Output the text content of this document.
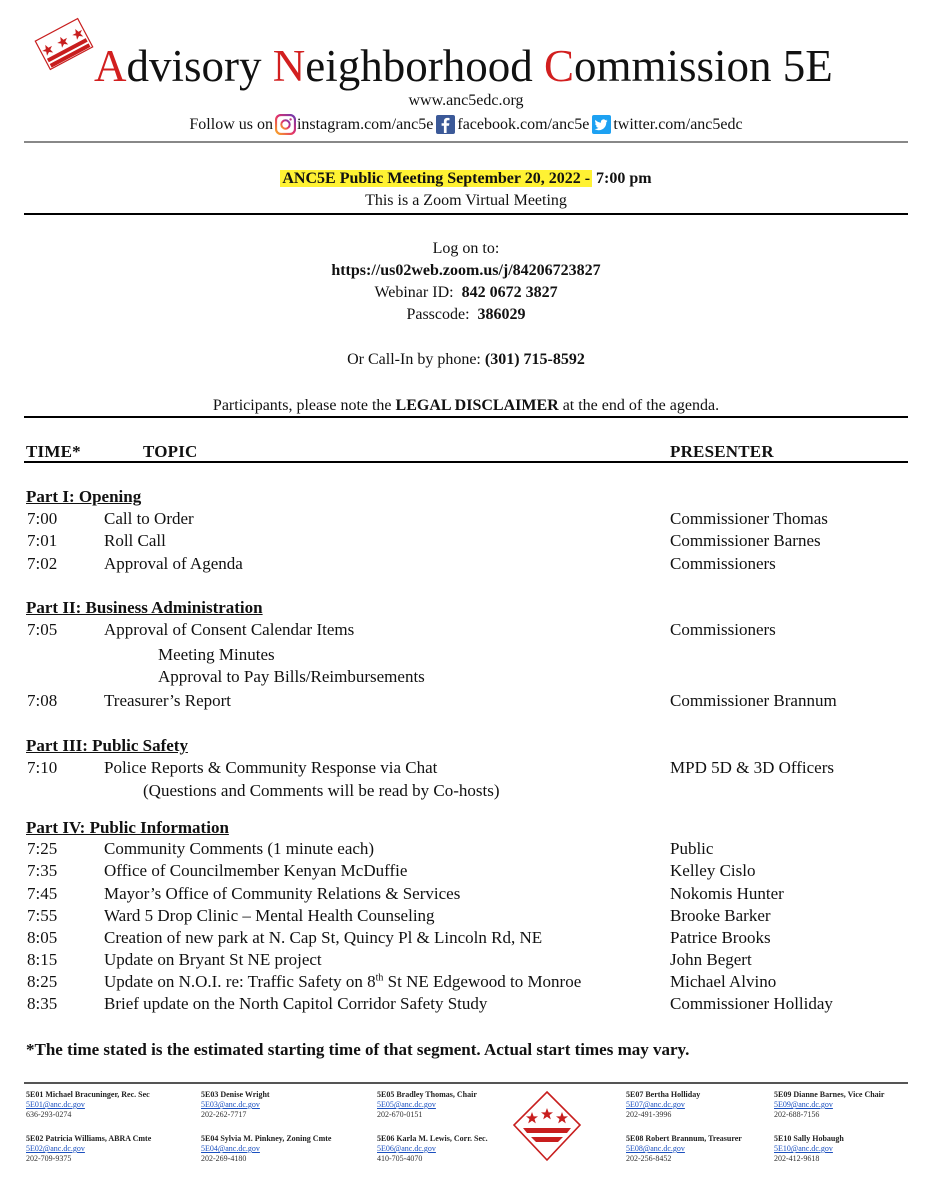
Advisory Neighborhood Commission 5E
www.anc5edc.org
Follow us on instagram.com/anc5e facebook.com/anc5e twitter.com/anc5edc
ANC5E Public Meeting September 20, 2022 - 7:00 pm
This is a Zoom Virtual Meeting
Log on to:
https://us02web.zoom.us/j/84206723827
Webinar ID: 842 0672 3827
Passcode: 386029
Or Call-In by phone: (301) 715-8592
Participants, please note the LEGAL DISCLAIMER at the end of the agenda.
TIME*	TOPIC	PRESENTER
Part I: Opening
7:00	Call to Order	Commissioner Thomas
7:01	Roll Call	Commissioner Barnes
7:02	Approval of Agenda	Commissioners
Part II: Business Administration
7:05	Approval of Consent Calendar Items	Commissioners
Meeting Minutes
Approval to Pay Bills/Reimbursements
7:08	Treasurer’s Report	Commissioner Brannum
Part III: Public Safety
7:10	Police Reports & Community Response via Chat	MPD 5D & 3D Officers
(Questions and Comments will be read by Co-hosts)
Part IV: Public Information
7:25	Community Comments (1 minute each)	Public
7:35	Office of Councilmember Kenyan McDuffie	Kelley Cislo
7:45	Mayor’s Office of Community Relations & Services	Nokomis Hunter
7:55	Ward 5 Drop Clinic – Mental Health Counseling	Brooke Barker
8:05	Creation of new park at N. Cap St, Quincy Pl & Lincoln Rd, NE	Patrice Brooks
8:15	Update on Bryant St NE project	John Begert
8:25	Update on N.O.I. re: Traffic Safety on 8th St NE Edgewood to Monroe	Michael Alvino
8:35	Brief update on the North Capitol Corridor Safety Study	Commissioner Holliday
*The time stated is the estimated starting time of that segment. Actual start times may vary.
5E01 Michael Bracuninger, Rec. Sec
5E01@anc.dc.gov
636-293-0274
5E03 Denise Wright
5E03@anc.dc.gov
202-262-7717
5E05 Bradley Thomas, Chair
5E05@anc.dc.gov
202-670-0151
5E07 Bertha Holliday
5E07@anc.dc.gov
202-491-3996
5E09 Dianne Barnes, Vice Chair
5E09@anc.dc.gov
202-688-7156
5E02 Patricia Williams, ABRA Cmte
5E02@anc.dc.gov
202-709-9375
5E04 Sylvia M. Pinkney, Zoning Cmte
5E04@anc.dc.gov
202-269-4180
5E06 Karla M. Lewis, Corr. Sec.
5E06@anc.dc.gov
410-705-4070
5E08 Robert Brannum, Treasurer
5E08@anc.dc.gov
202-256-8452
5E10 Sally Hobaugh
5E10@anc.dc.gov
202-412-9618
